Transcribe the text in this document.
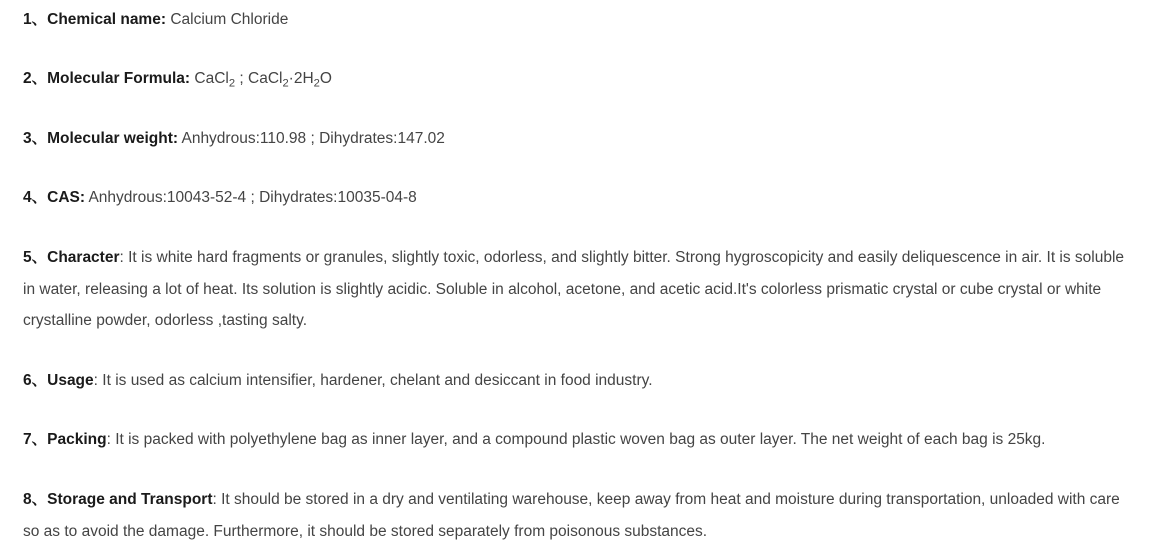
1、Chemical name: Calcium Chloride

2、Molecular Formula: CaCl$_2$ ; $CaCl_2\cdot 2H_2O$

3、Molecular weight: Anhydrous:110.98 ; Dihydrates:147.02

4、CAS: Anhydrous:10043-52-4 ; Dihydrates:10035-04-8

5、Character: It is white hard fragments or granules, slightly toxic, odorless, and slightly bitter. Strong hygroscopicity and easily deliquescence in air. It is soluble in water, releasing a lot of heat. Its solution is slightly acidic. Soluble in alcohol, acetone, and acetic acid.It's colorless prismatic crystal or cube crystal or white crystalline powder, odorless ,tasting salty.

6、Usage: It is used as calcium intensifier, hardener, chelant and desiccant in food industry.

7、Packing: It is packed with polyethylene bag as inner layer, and a compound plastic woven bag as outer layer. The net weight of each bag is 25kg.

8、Storage and Transport: It should be stored in a dry and ventilating warehouse, keep away from heat and moisture during transportation, unloaded with care so as to avoid the damage. Furthermore, it should be stored separately from poisonous substances.
